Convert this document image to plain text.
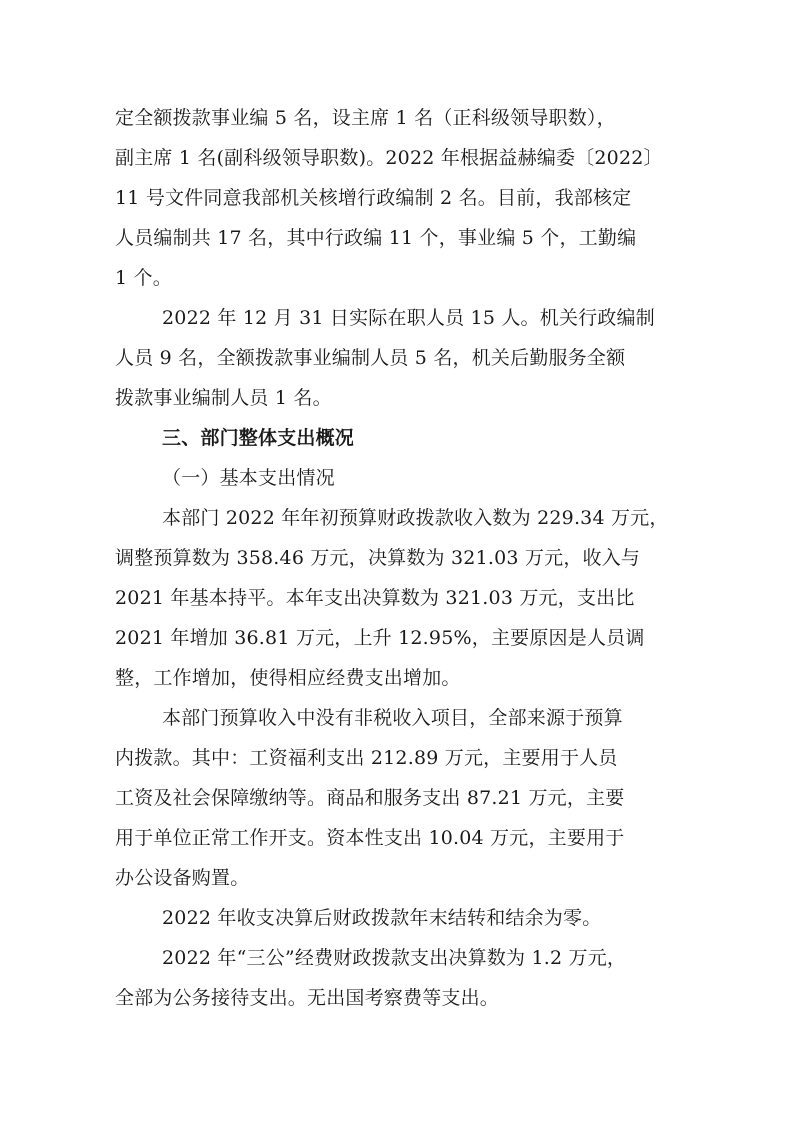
定全额拨款事业编 5 名，设主席 1 名（正科级领导职数），
副主席 1 名(副科级领导职数)。2022 年根据益赫编委〔2022〕
11 号文件同意我部机关核增行政编制 2 名。目前，我部核定
人员编制共 17 名，其中行政编 11 个，事业编 5 个，工勤编
1 个。
2022 年 12 月 31 日实际在职人员 15 人。机关行政编制
人员 9 名，全额拨款事业编制人员 5 名，机关后勤服务全额
拨款事业编制人员 1 名。
三、部门整体支出概况
（一）基本支出情况
本部门 2022 年年初预算财政拨款收入数为 229.34 万元，
调整预算数为 358.46 万元，决算数为 321.03 万元，收入与
2021 年基本持平。本年支出决算数为 321.03 万元，支出比
2021 年增加 36.81 万元，上升 12.95%，主要原因是人员调
整，工作增加，使得相应经费支出增加。
本部门预算收入中没有非税收入项目，全部来源于预算
内拨款。其中：工资福利支出 212.89 万元，主要用于人员
工资及社会保障缴纳等。商品和服务支出 87.21 万元，主要
用于单位正常工作开支。资本性支出 10.04 万元，主要用于
办公设备购置。
2022 年收支决算后财政拨款年末结转和结余为零。
2022 年“三公”经费财政拨款支出决算数为 1.2 万元，
全部为公务接待支出。无出国考察费等支出。
